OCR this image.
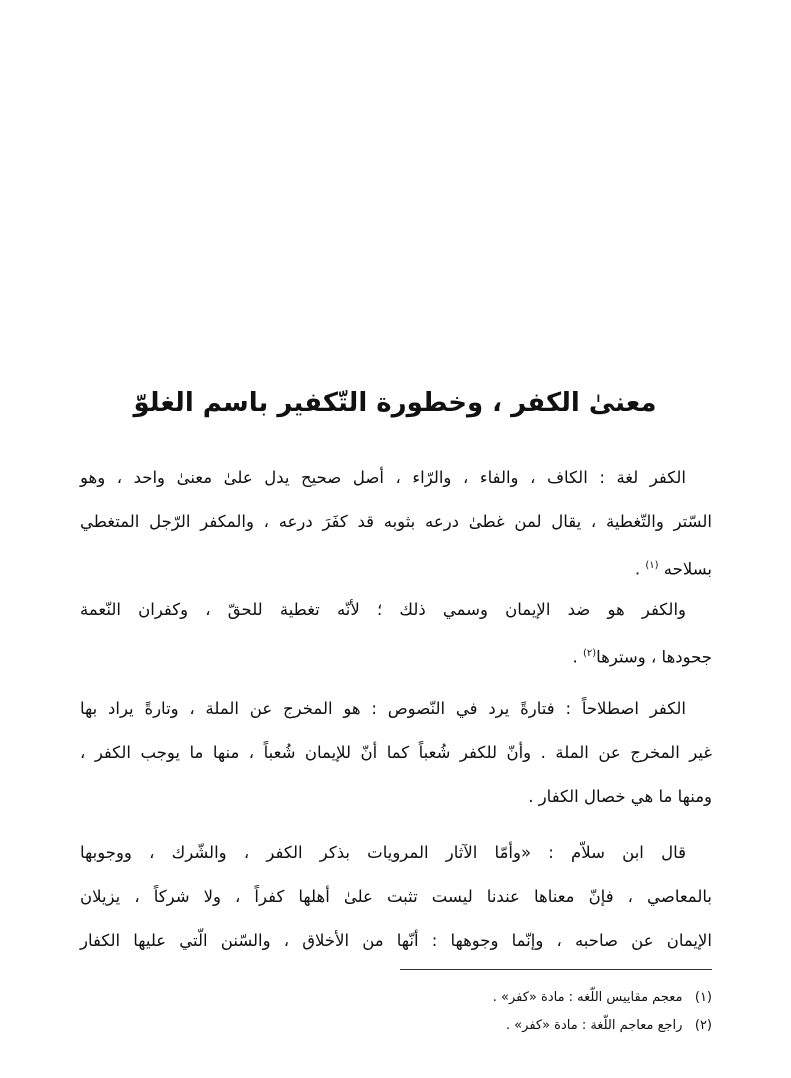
معنىٰ الكفر ، وخطورة التّكفير باسم الغلوّ
الكفر لغة : الكاف ، والفاء ، والرّاء ، أصل صحيح يدل علىٰ معنىٰ واحد ، وهو
السّتر والتّغطية ، يقال لمن غطىٰ درعه بثوبه قد كفَرَ درعه ، والمكفر الرّجل المتغطي
بسلاحه $^{(١)}$ .
والكفر هو ضد الإيمان وسمي ذلك ؛ لأنّه تغطية للحقّ ، وكفران النّعمة
جحودها ، وسترها$^{(٢)}$ .
الكفر اصطلاحاً : فتارةً يرد في النّصوص : هو المخرج عن الملة ، وتارةً يراد بها
غير المخرج عن الملة . وأنّ للكفر شُعباً كما أنّ للإيمان شُعباً ، منها ما يوجب الكفر ،
ومنها ما هي خصال الكفار .
قال ابن سلاّم : «وأمّا الآثار المرويات بذكر الكفر ، والشّرك ، ووجوبها
بالمعاصي ، فإنّ معناها عندنا ليست تثبت علىٰ أهلها كفراً ، ولا شركاً ، يزيلان
الإيمان عن صاحبه ، وإنّما وجوهها : أنّها من الأخلاق ، والسّنن الّتي عليها الكفار
(١)   معجم مقاييس اللّغه : مادة «كفر» .
(٢)   راجع معاجم اللّغة : مادة «كفر» .
